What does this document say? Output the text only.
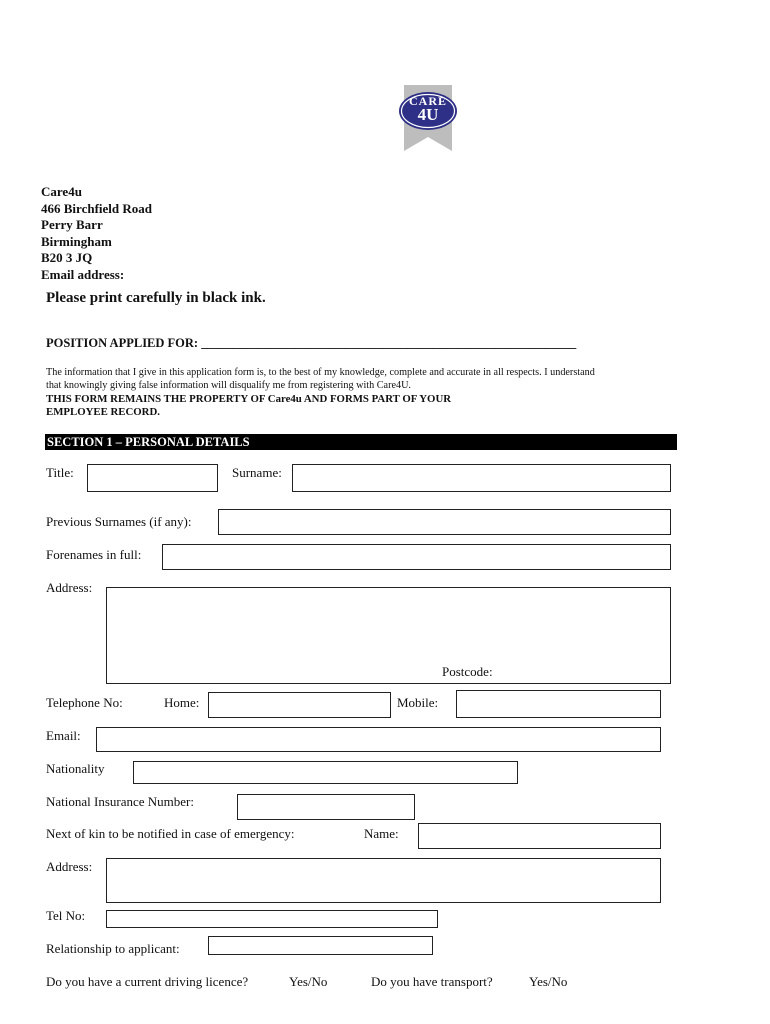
CARE
4U
Care4u
466 Birchfield Road
Perry Barr
Birmingham
B20 3 JQ
Email address:
Please print carefully in black ink.
POSITION APPLIED FOR: ____________________________________________________________
The information that I give in this application form is, to the best of my knowledge, complete and accurate in all respects. I understand
that knowingly giving false information will disqualify me from registering with Care4U.
THIS FORM REMAINS THE PROPERTY OF Care4u AND FORMS PART OF YOUR
EMPLOYEE RECORD.
SECTION 1 – PERSONAL DETAILS
Title:	Surname:
Previous Surnames (if any):
Forenames in full:
Address:
Postcode:
Telephone No:	Home:	Mobile:
Email:
Nationality
National Insurance Number:
Next of kin to be notified in case of emergency:	Name:
Address:
Tel No:
Relationship to applicant:
Do you have a current driving licence?	Yes/No	Do you have transport?	Yes/No
